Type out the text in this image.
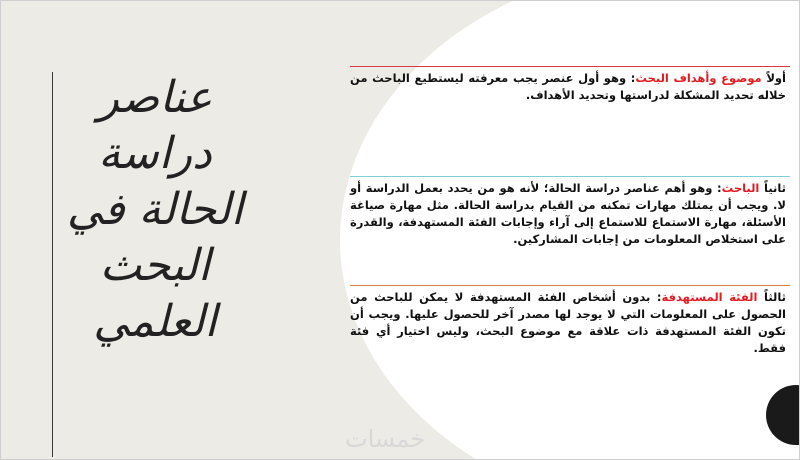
عناصر
دراسة
الحالة في
البحث
العلمي
أولاً موضوع وأهداف البحث: وهو أول عنصر يجب معرفته ليستطيع الباحث من خلاله تحديد المشكلة لدراستها وتحديد الأهداف.
ثانياً الباحث: وهو أهم عناصر دراسة الحالة؛ لأنه هو من يحدد بعمل الدراسة أو لا. ويجب أن يمتلك مهارات تمكنه من القيام بدراسة الحالة. مثل مهارة صياغة الأسئلة، مهارة الاستماع للاستماع إلى آراء وإجابات الفئة المستهدفة، والقدرة على استخلاص المعلومات من إجابات المشاركين.
ثالثاً الفئة المستهدفة: بدون أشخاص الفئة المستهدفة لا يمكن للباحث من الحصول على المعلومات التي لا يوجد لها مصدر آخر للحصول عليها. ويجب أن تكون الفئة المستهدفة ذات علاقة مع موضوع البحث، وليس اختيار أي فئة فقط.
خمسات
